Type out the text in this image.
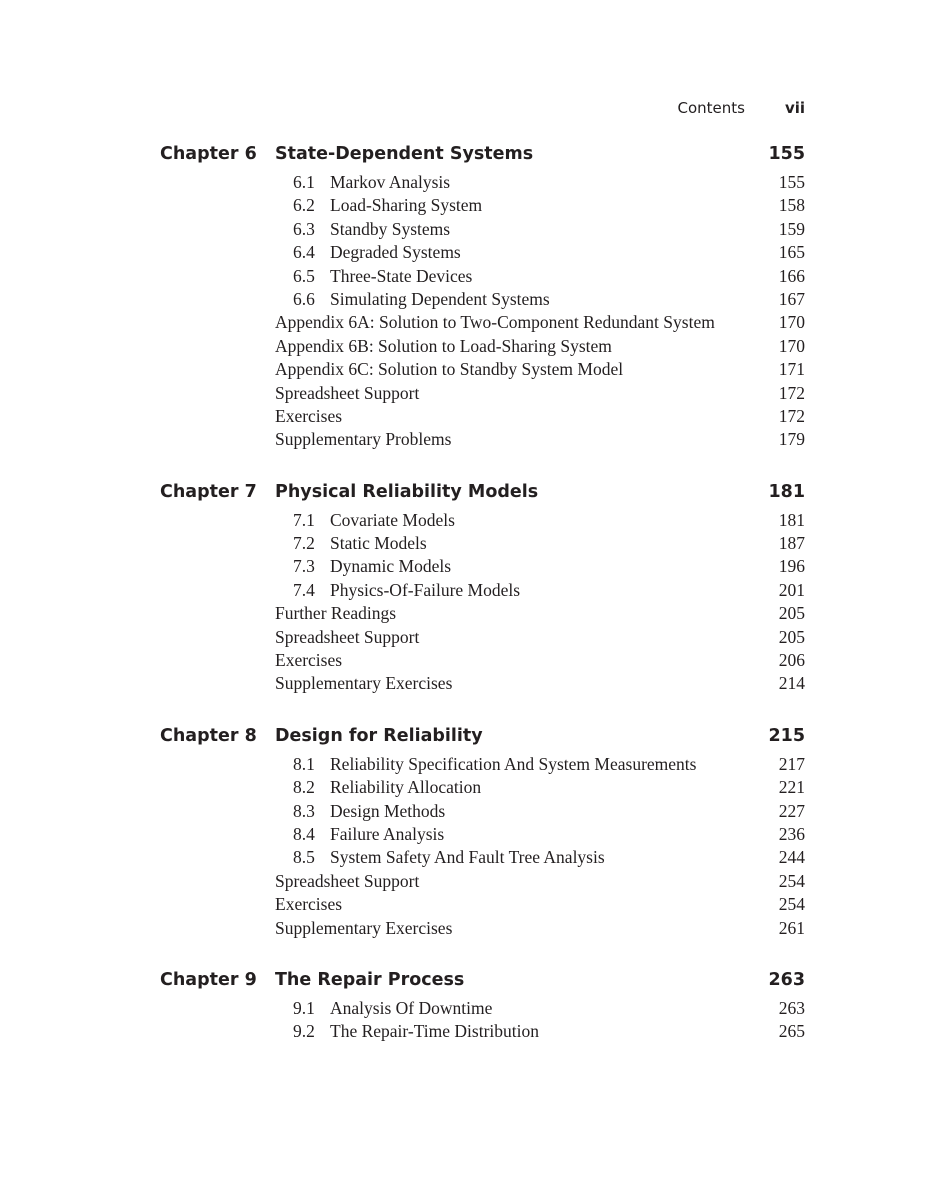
Contents	vii
Chapter 6 State-Dependent Systems	155
6.1 Markov Analysis	155
6.2 Load-Sharing System	158
6.3 Standby Systems	159
6.4 Degraded Systems	165
6.5 Three-State Devices	166
6.6 Simulating Dependent Systems	167
Appendix 6A: Solution to Two-Component Redundant System	170
Appendix 6B: Solution to Load-Sharing System	170
Appendix 6C: Solution to Standby System Model	171
Spreadsheet Support	172
Exercises	172
Supplementary Problems	179
Chapter 7 Physical Reliability Models	181
7.1 Covariate Models	181
7.2 Static Models	187
7.3 Dynamic Models	196
7.4 Physics-Of-Failure Models	201
Further Readings	205
Spreadsheet Support	205
Exercises	206
Supplementary Exercises	214
Chapter 8 Design for Reliability	215
8.1 Reliability Specification And System Measurements	217
8.2 Reliability Allocation	221
8.3 Design Methods	227
8.4 Failure Analysis	236
8.5 System Safety And Fault Tree Analysis	244
Spreadsheet Support	254
Exercises	254
Supplementary Exercises	261
Chapter 9 The Repair Process	263
9.1 Analysis Of Downtime	263
9.2 The Repair-Time Distribution	265
